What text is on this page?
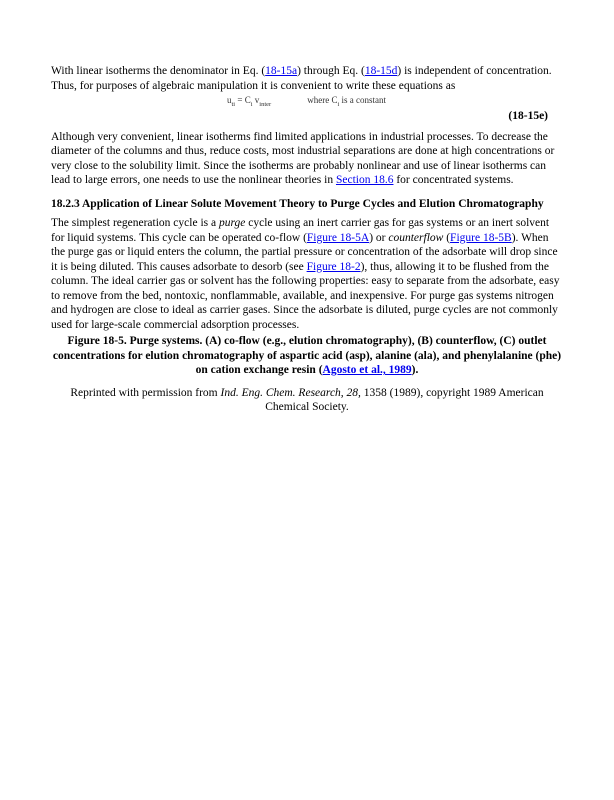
With linear isotherms the denominator in Eq. (18-15a) through Eq. (18-15d) is independent of concentration. Thus, for purposes of algebraic manipulation it is convenient to write these equations as

$u_{ti} = C_i$ $v_{inter}$	where $C_i$ is a constant

(18-15e)

Although very convenient, linear isotherms find limited applications in industrial processes. To decrease the diameter of the columns and thus, reduce costs, most industrial separations are done at high concentrations or very close to the solubility limit. Since the isotherms are probably nonlinear and use of linear isotherms can lead to large errors, one needs to use the nonlinear theories in Section 18.6 for concentrated systems.

18.2.3 Application of Linear Solute Movement Theory to Purge Cycles and Elution Chromatography

The simplest regeneration cycle is a purge cycle using an inert carrier gas for gas systems or an inert solvent for liquid systems. This cycle can be operated co-flow (Figure 18-5A) or counterflow (Figure 18-5B). When the purge gas or liquid enters the column, the partial pressure or concentration of the adsorbate will drop since it is being diluted. This causes adsorbate to desorb (see Figure 18-2), thus, allowing it to be flushed from the column. The ideal carrier gas or solvent has the following properties: easy to separate from the adsorbate, easy to remove from the bed, nontoxic, nonflammable, available, and inexpensive. For purge gas systems nitrogen and hydrogen are close to ideal as carrier gases. Since the adsorbate is diluted, purge cycles are not commonly used for large-scale commercial adsorption processes.

Figure 18-5. Purge systems. (A) co-flow (e.g., elution chromatography), (B) counterflow, (C) outlet concentrations for elution chromatography of aspartic acid (asp), alanine (ala), and phenylalanine (phe) on cation exchange resin (Agosto et al., 1989).

Reprinted with permission from Ind. Eng. Chem. Research, 28, 1358 (1989), copyright 1989 American Chemical Society.
